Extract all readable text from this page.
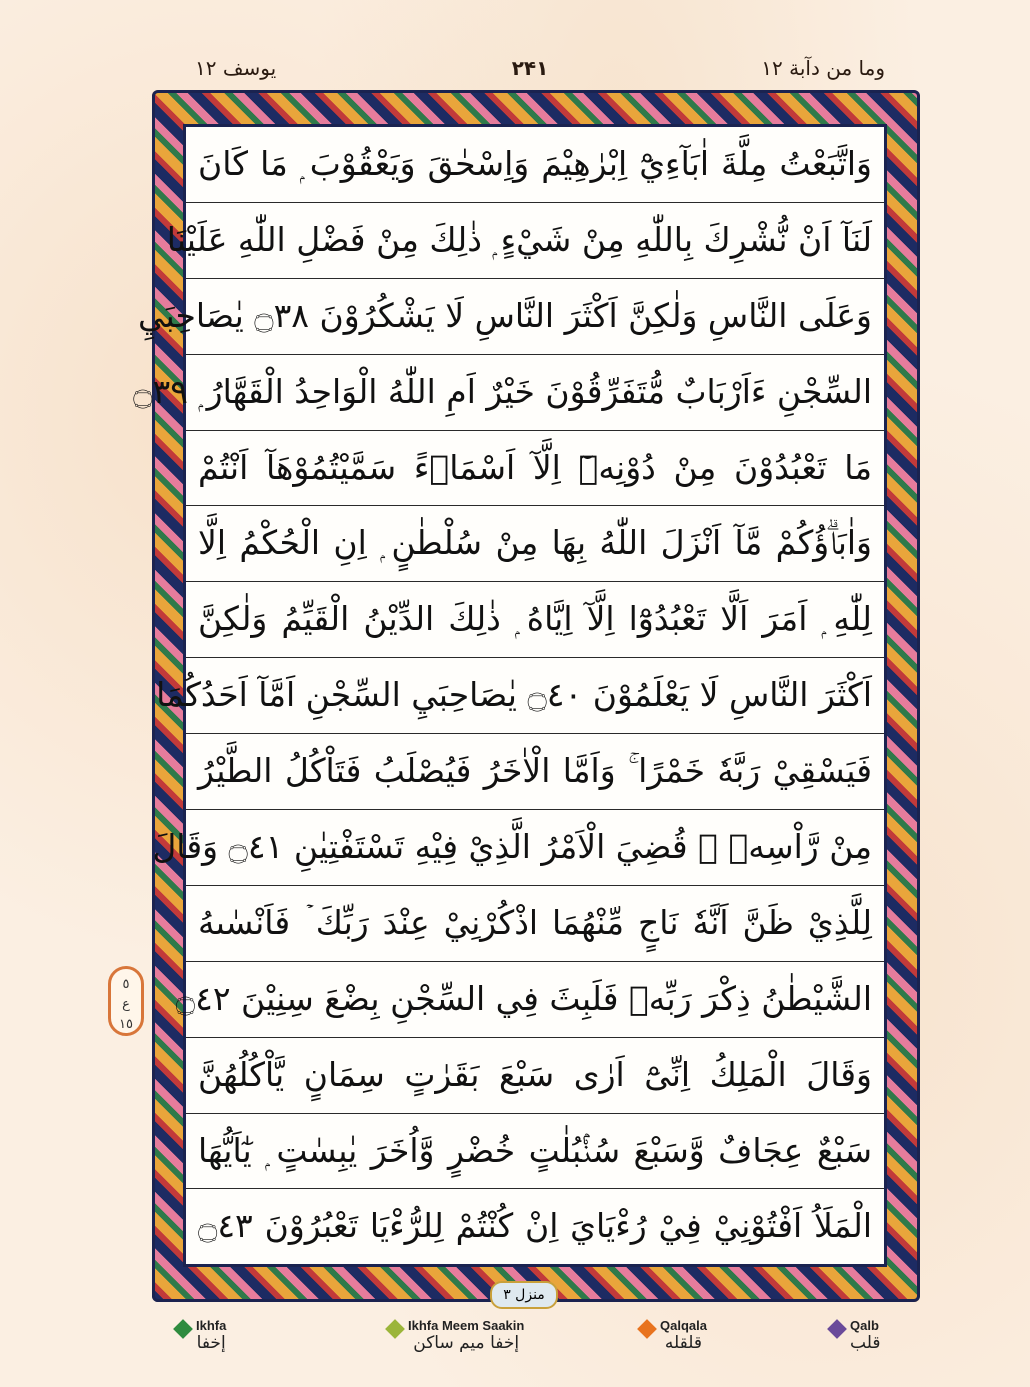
وما من دآبة ۱۲
۲۴۱
يوسف ۱۲
وَاتَّبَعْتُ مِلَّةَ اٰبَآءِيْٓ اِبْرٰهِيْمَ وَاِسْحٰقَ وَيَعْقُوْبَ ۭ مَا كَانَ
لَنَآ اَنْ نُّشْرِكَ بِاللّٰهِ مِنْ شَيْءٍ ۭ ذٰلِكَ مِنْ فَضْلِ اللّٰهِ عَلَيْنَا
وَعَلَى النَّاسِ وَلٰكِنَّ اَكْثَرَ النَّاسِ لَا يَشْكُرُوْنَ ۝٣٨ يٰصَاحِبَيِ
السِّجْنِ ءَاَرْبَابٌ مُّتَفَرِّقُوْنَ خَيْرٌ اَمِ اللّٰهُ الْوَاحِدُ الْقَهَّارُ ۭ ۝٣٩
مَا تَعْبُدُوْنَ مِنْ دُوْنِهٖٓ اِلَّآ اَسْمَاۗءً سَمَّيْتُمُوْهَآ اَنْتُمْ
وَاٰبَاۗؤُكُمْ مَّآ اَنْزَلَ اللّٰهُ بِهَا مِنْ سُلْطٰنٍ ۭ اِنِ الْحُكْمُ اِلَّا
لِلّٰهِ ۭ اَمَرَ اَلَّا تَعْبُدُوْٓا اِلَّآ اِيَّاهُ ۭ ذٰلِكَ الدِّيْنُ الْقَيِّمُ وَلٰكِنَّ
اَكْثَرَ النَّاسِ لَا يَعْلَمُوْنَ ۝٤٠ يٰصَاحِبَيِ السِّجْنِ اَمَّآ اَحَدُكُمَا
فَيَسْقِيْ رَبَّهٗ خَمْرًا ۚ وَاَمَّا الْاٰخَرُ فَيُصْلَبُ فَتَاْكُلُ الطَّيْرُ
مِنْ رَّاْسِهٖ ۭ قُضِيَ الْاَمْرُ الَّذِيْ فِيْهِ تَسْتَفْتِيٰنِ ۝٤١ وَقَالَ
لِلَّذِيْ ظَنَّ اَنَّهٗ نَاجٍ مِّنْهُمَا اذْكُرْنِيْ عِنْدَ رَبِّكَ ۡ فَاَنْسٰىهُ
الشَّيْطٰنُ ذِكْرَ رَبِّهٖ فَلَبِثَ فِي السِّجْنِ بِضْعَ سِنِيْنَ ۝٤٢
وَقَالَ الْمَلِكُ اِنِّىْٓ اَرٰى سَبْعَ بَقَرٰتٍ سِمَانٍ يَّاْكُلُهُنَّ
سَبْعٌ عِجَافٌ وَّسَبْعَ سُنْۢبُلٰتٍ خُضْرٍ وَّاُخَرَ يٰبِسٰتٍ ۭ يٰٓاَيُّهَا
الْمَلَاُ اَفْتُوْنِيْ فِيْ رُءْيَايَ اِنْ كُنْتُمْ لِلرُّءْيَا تَعْبُرُوْنَ ۝٤٣
منزل ۳
٥
ع
١٥
Ikhfa
إخفا
Ikhfa Meem Saakin
إخفا ميم ساكن
Qalqala
قلقله
Qalb
قلب
